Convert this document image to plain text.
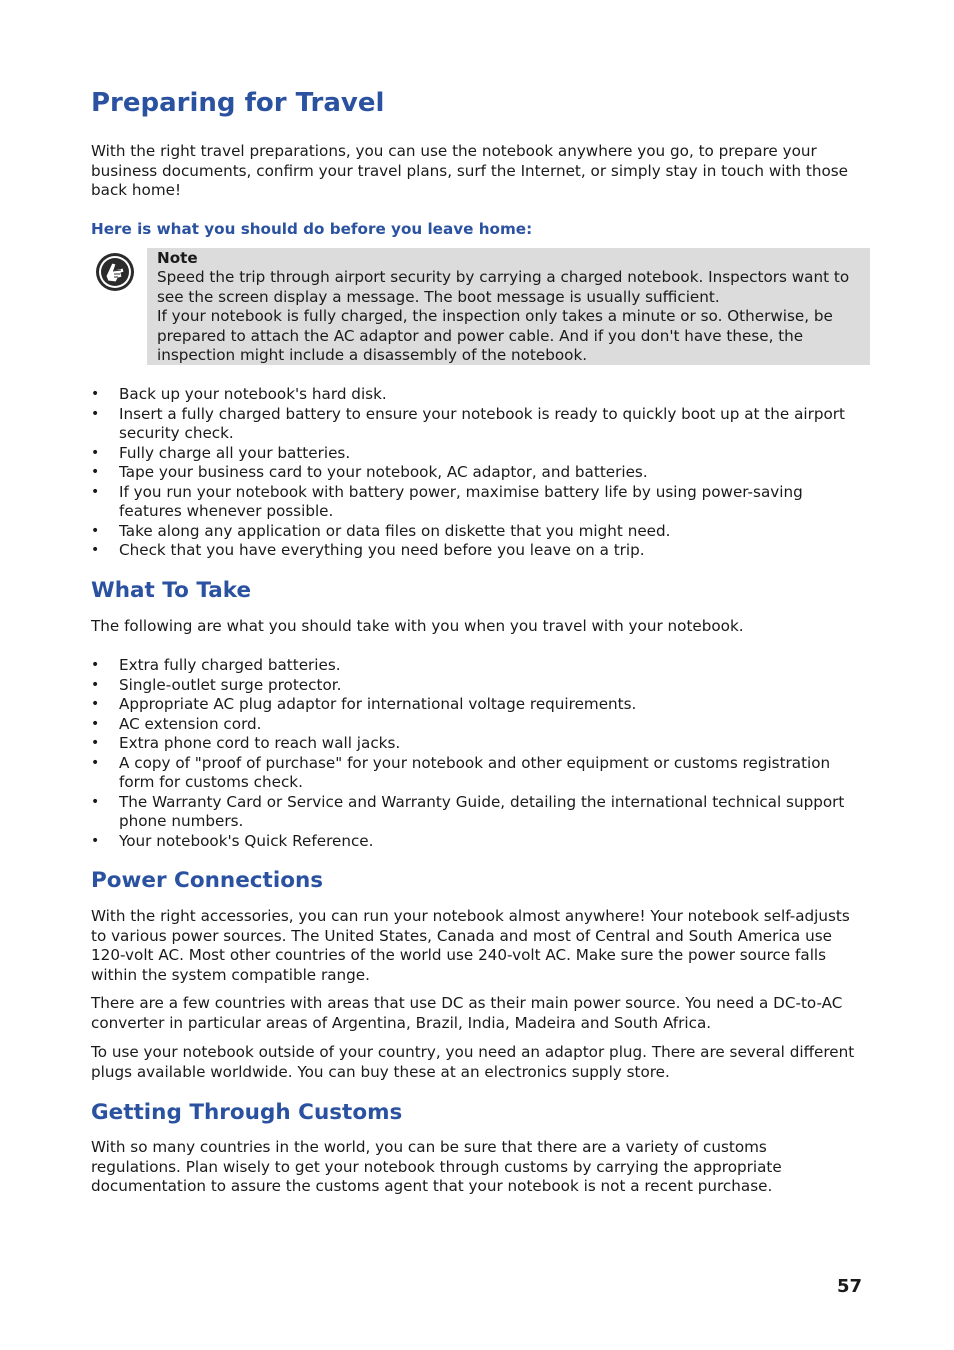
Preparing for Travel
With the right travel preparations, you can use the notebook anywhere you go, to prepare your business documents, confirm your travel plans, surf the Internet, or simply stay in touch with those back home!
Here is what you should do before you leave home:
Note
Speed the trip through airport security by carrying a charged notebook. Inspectors want to see the screen display a message. The boot message is usually sufficient.
If your notebook is fully charged, the inspection only takes a minute or so. Otherwise, be prepared to attach the AC adaptor and power cable. And if you don't have these, the inspection might include a disassembly of the notebook.
• Back up your notebook's hard disk.
• Insert a fully charged battery to ensure your notebook is ready to quickly boot up at the airport security check.
• Fully charge all your batteries.
• Tape your business card to your notebook, AC adaptor, and batteries.
• If you run your notebook with battery power, maximise battery life by using power-saving features whenever possible.
• Take along any application or data files on diskette that you might need.
• Check that you have everything you need before you leave on a trip.
What To Take
The following are what you should take with you when you travel with your notebook.
• Extra fully charged batteries.
• Single-outlet surge protector.
• Appropriate AC plug adaptor for international voltage requirements.
• AC extension cord.
• Extra phone cord to reach wall jacks.
• A copy of "proof of purchase" for your notebook and other equipment or customs registration form for customs check.
• The Warranty Card or Service and Warranty Guide, detailing the international technical support phone numbers.
• Your notebook's Quick Reference.
Power Connections
With the right accessories, you can run your notebook almost anywhere! Your notebook self-adjusts to various power sources. The United States, Canada and most of Central and South America use 120-volt AC. Most other countries of the world use 240-volt AC. Make sure the power source falls within the system compatible range.
There are a few countries with areas that use DC as their main power source. You need a DC-to-AC converter in particular areas of Argentina, Brazil, India, Madeira and South Africa.
To use your notebook outside of your country, you need an adaptor plug. There are several different plugs available worldwide. You can buy these at an electronics supply store.
Getting Through Customs
With so many countries in the world, you can be sure that there are a variety of customs regulations. Plan wisely to get your notebook through customs by carrying the appropriate documentation to assure the customs agent that your notebook is not a recent purchase.
57
